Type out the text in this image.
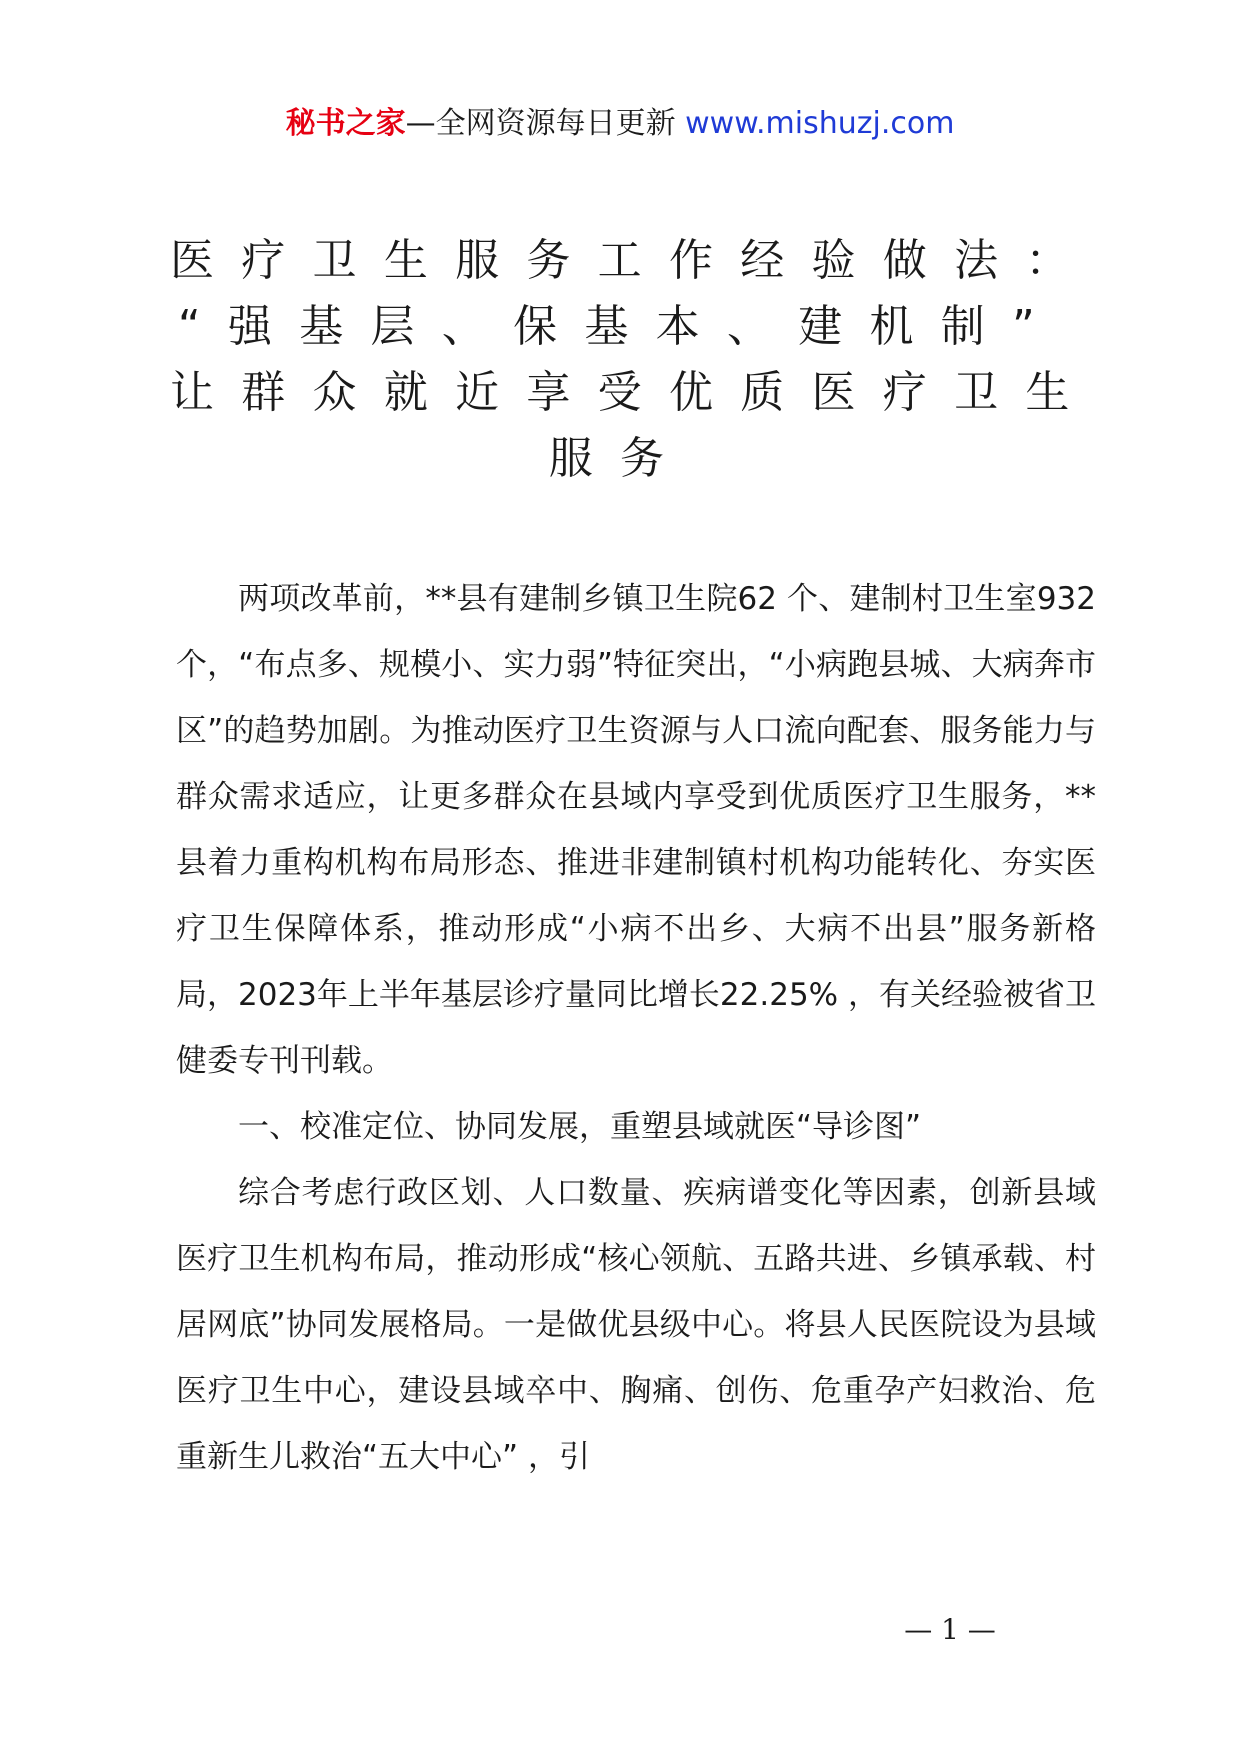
秘书之家—全网资源每日更新 www.mishuzj.com
医疗卫生服务工作经验做法：
“强基层、保基本、建机制”
让群众就近享受优质医疗卫生
服务

两项改革前，**县有建制乡镇卫生院62 个、建制村卫生室932个，“布点多、规模小、实力弱”特征突出，“小病跑县城、大病奔市区”的趋势加剧。为推动医疗卫生资源与人口流向配套、服务能力与群众需求适应，让更多群众在县域内享受到优质医疗卫生服务，**县着力重构机构布局形态、推进非建制镇村机构功能转化、夯实医疗卫生保障体系，推动形成“小病不出乡、大病不出县”服务新格局，2023年上半年基层诊疗量同比增长22.25% ，有关经验被省卫健委专刊刊载。

一、校准定位、协同发展，重塑县域就医“导诊图”

综合考虑行政区划、人口数量、疾病谱变化等因素，创新县域医疗卫生机构布局，推动形成“核心领航、五路共进、乡镇承载、村居网底”协同发展格局。一是做优县级中心。将县人民医院设为县域医疗卫生中心，建设县域卒中、胸痛、创伤、危重孕产妇救治、危重新生儿救治“五大中心” ，引

— 1 —
